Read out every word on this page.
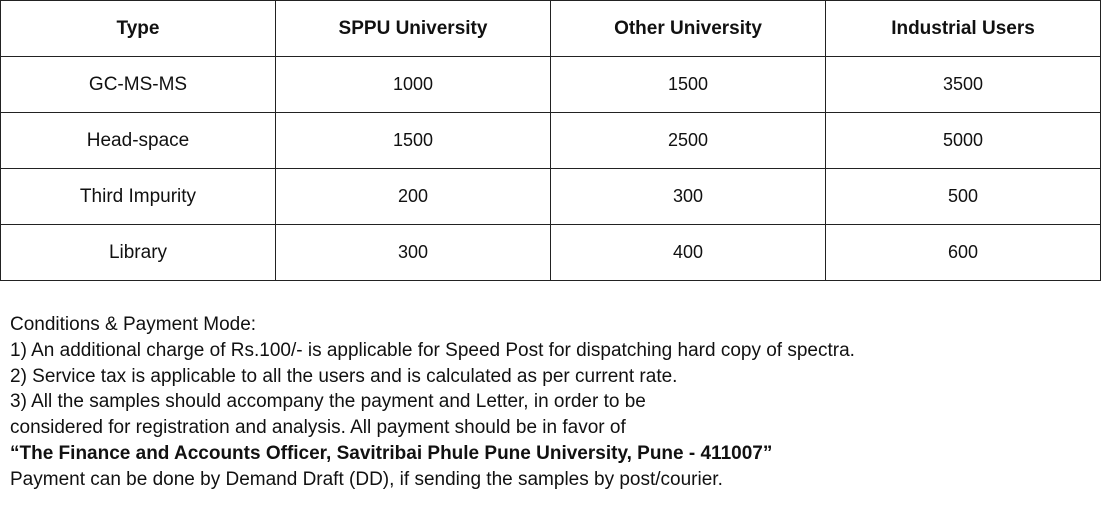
Type	SPPU University	Other University	Industrial Users
GC-MS-MS	1000	1500	3500
Head-space	1500	2500	5000
Third Impurity	200	300	500
Library	300	400	600
Conditions & Payment Mode:
1) An additional charge of Rs.100/- is applicable for Speed Post for dispatching hard copy of spectra.
2) Service tax is applicable to all the users and is calculated as per current rate.
3) All the samples should accompany the payment and Letter, in order to be
considered for registration and analysis. All payment should be in favor of
“The Finance and Accounts Officer, Savitribai Phule Pune University, Pune - 411007”
Payment can be done by Demand Draft (DD), if sending the samples by post/courier.
